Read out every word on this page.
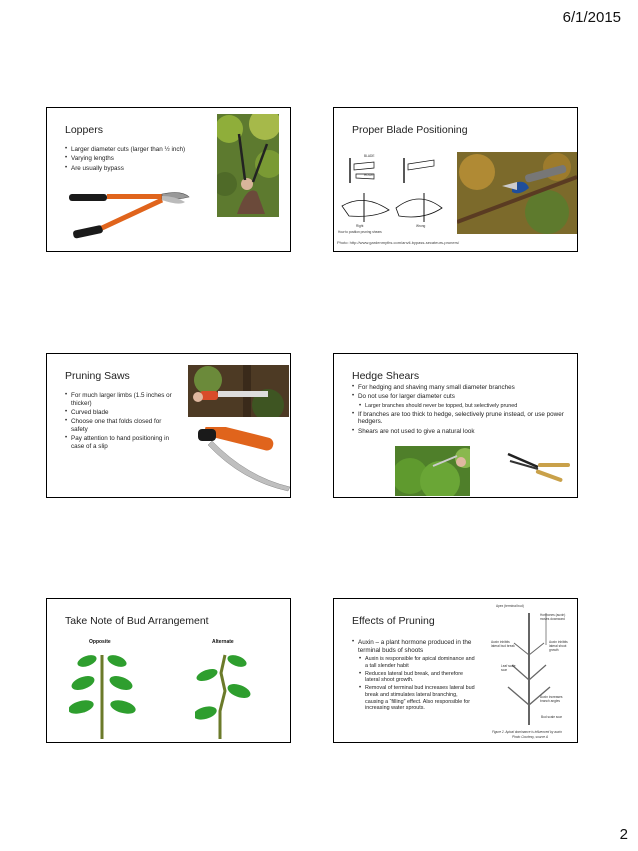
6/1/2015
Loppers
• Larger diameter cuts (larger than ½ inch)
• Varying lengths
• Are usually bypass
Proper Blade Positioning
BLADE
HOOK
Right	Wrong
How to position pruning shears
Photo: http://www.gardenmyths.com/anvil-bypass-secateurs-pruners/
Pruning Saws
• For much larger limbs (1.5 inches or thicker)
• Curved blade
• Choose one that folds closed for safety
• Pay attention to hand positioning in case of a slip
Hedge Shears
• For hedging and shaving many small diameter branches
• Do not use for larger diameter cuts
• Larger branches should never be topped, but selectively pruned
• If branches are too thick to hedge, selectively prune instead, or use power hedgers.
• Shears are not used to give a natural look
Take Note of Bud Arrangement
Opposite	Alternate
Effects of Pruning
• Auxin – a plant hormone produced in the terminal buds of shoots
• Auxin is responsible for apical dominance and a tall slender habit
• Reduces lateral bud break, and therefore lateral shoot growth.
• Removal of terminal bud increases lateral bud break and stimulates lateral branching, causing a “filling” effect. Also responsible for increasing water sprouts.
Apex (terminal bud)
Hormones (auxin) moves downward
Auxin inhibits lateral bud break
Auxin inhibits lateral shoot growth
Leaf scale scar
Auxin increases branch angles
Bud scale scar
Figure 2. Apical dominance is influenced by auxin
Photo Courtesy, source A
2
